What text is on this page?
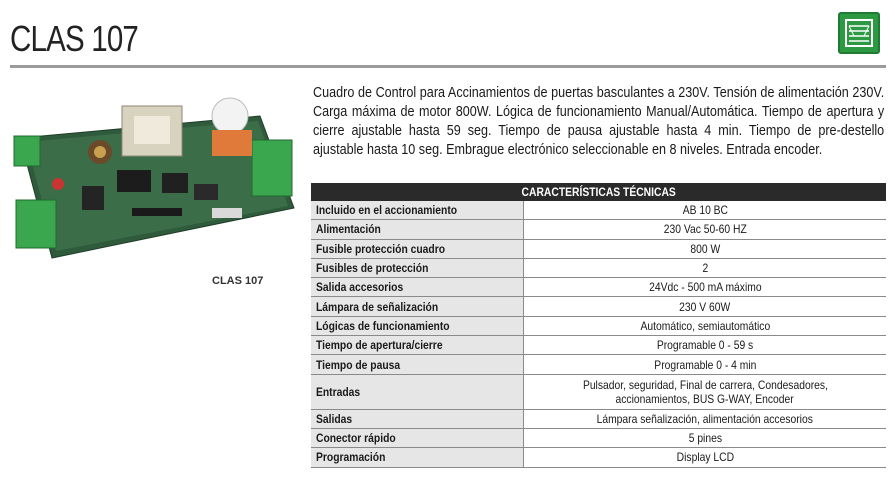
CLAS 107
CLAS 107
Cuadro de Control para Accinamientos de puertas basculantes a 230V. Tensión de alimentación 230V. Carga máxima de motor 800W. Lógica de funcionamiento Manual/Automática. Tiempo de apertura y cierre ajustable hasta 59 seg. Tiempo de pausa ajustable hasta 4 min. Tiempo de pre-destello ajustable hasta 10 seg. Embrague electrónico seleccionable en 8 niveles. Entrada encoder.
CARACTERÍSTICAS TÉCNICAS	
Incluido en el accionamiento	AB 10 BC
Alimentación	230 Vac 50-60 HZ
Fusible protección cuadro	800 W
Fusibles de protección	2
Salida accesorios	24Vdc - 500 mA máximo
Lámpara de señalización	230 V 60W
Lógicas de funcionamiento	Automático, semiautomático
Tiempo de apertura/cierre	Programable 0 - 59 s
Tiempo de pausa	Programable 0 - 4 min
Entradas	Pulsador, seguridad, Final de carrera, Condesadores,
accionamientos, BUS G-WAY, Encoder
Salidas	Lámpara señalización, alimentación accesorios
Conector rápido	5 pines
Programación	Display LCD
